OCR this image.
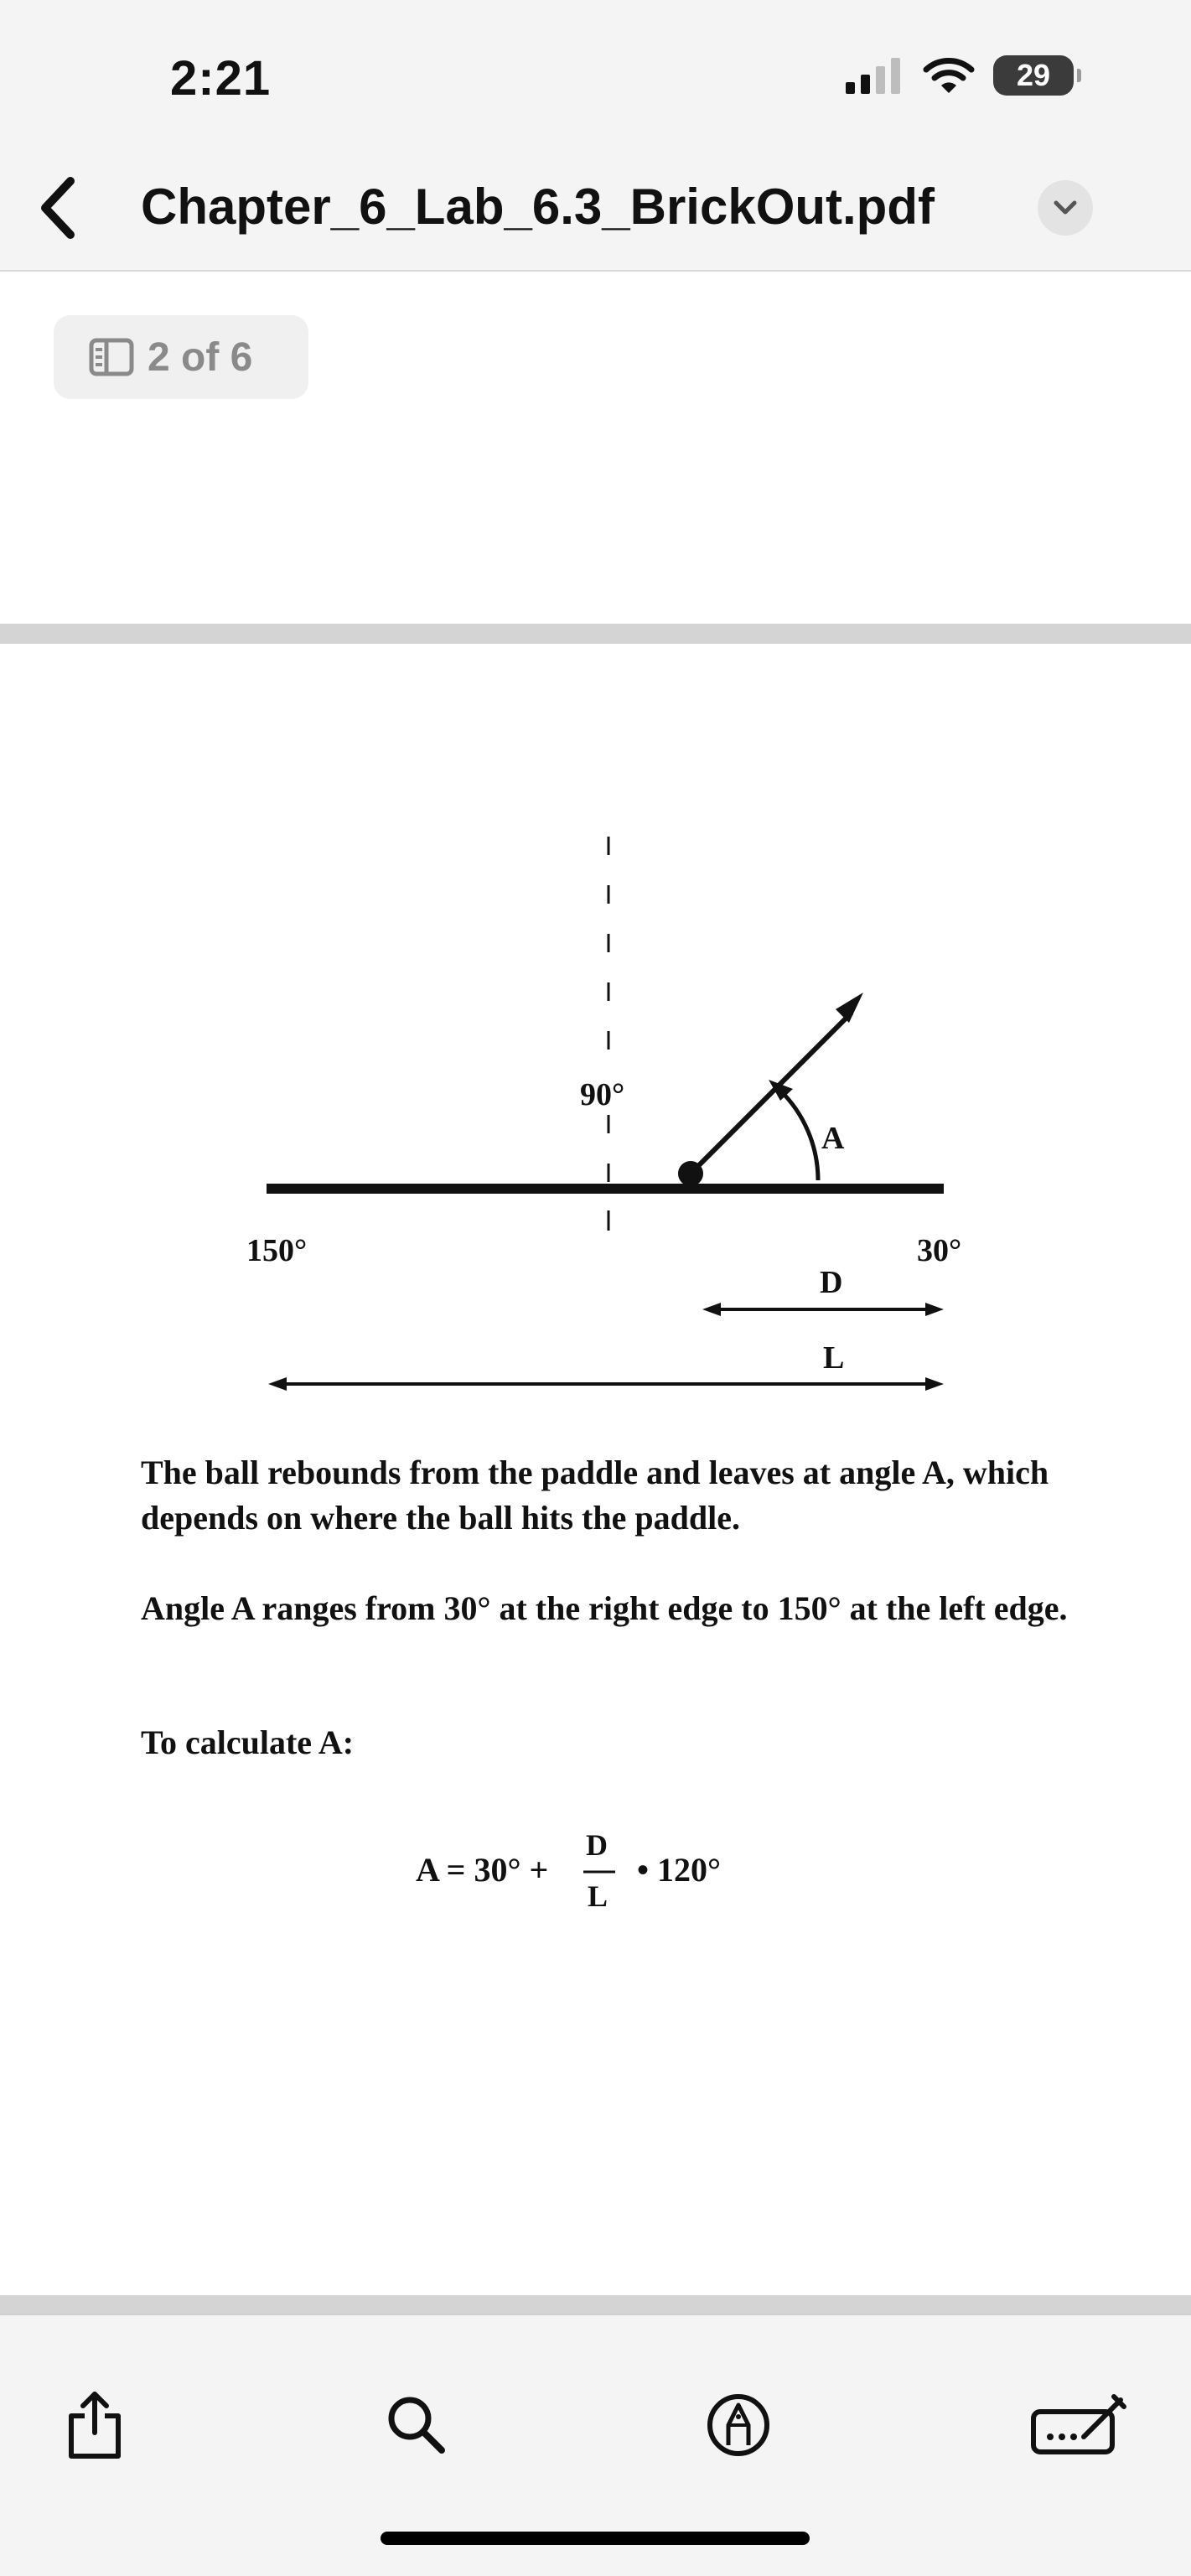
2:21	29
Chapter_6_Lab_6.3_BrickOut.pdf
2 of 6
90°
150°	30°
A
D
L
The ball rebounds from the paddle and leaves at angle A, which depends on where the ball hits the paddle.
Angle A ranges from 30° at the right edge to 150° at the left edge.
To calculate A:
A = 30° +
D
L
• 120°
